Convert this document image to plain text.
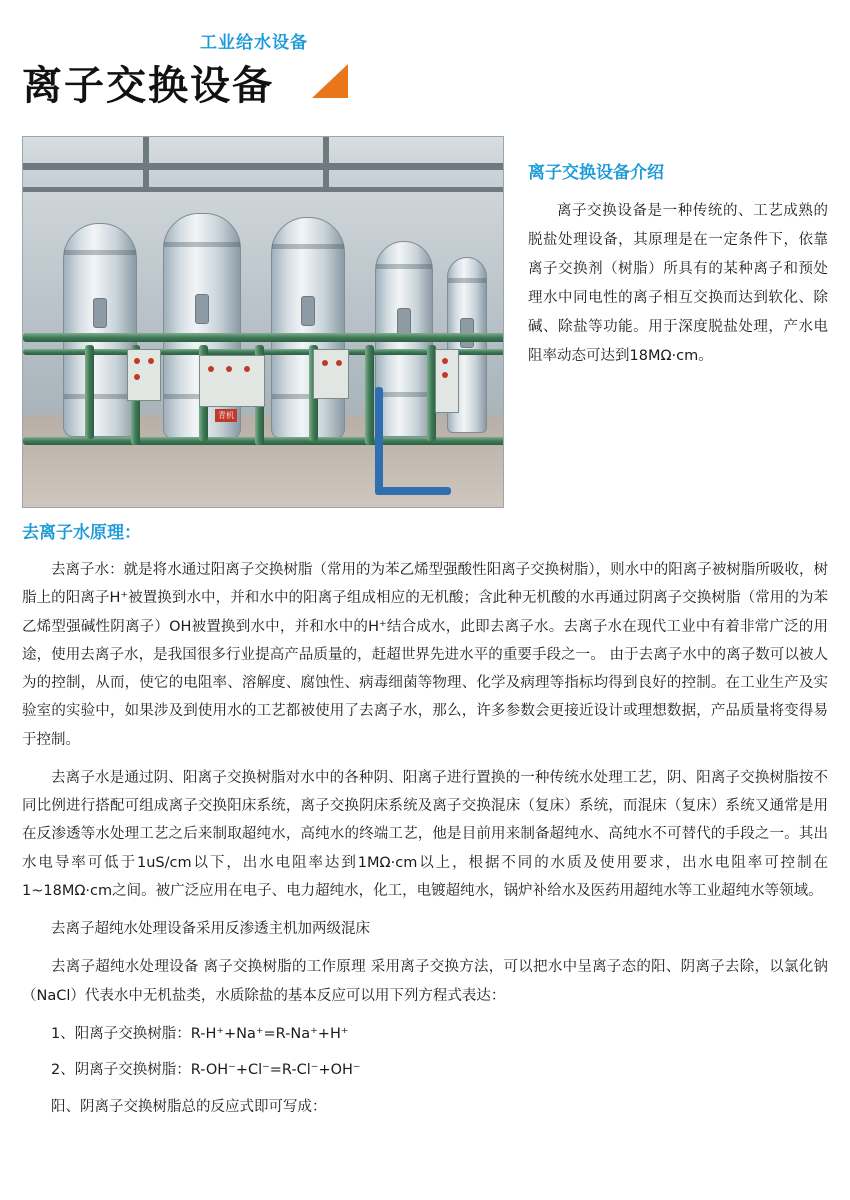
工业给水设备
离子交换设备
青机
离子交换设备介绍
离子交换设备是一种传统的、工艺成熟的脱盐处理设备，其原理是在一定条件下，依靠离子交换剂（树脂）所具有的某种离子和预处理水中同电性的离子相互交换而达到软化、除碱、除盐等功能。用于深度脱盐处理，产水电阻率动态可达到18MΩ·cm。
去离子水原理：

去离子水：就是将水通过阳离子交换树脂（常用的为苯乙烯型强酸性阳离子交换树脂），则水中的阳离子被树脂所吸收，树脂上的阳离子H⁺被置换到水中，并和水中的阳离子组成相应的无机酸；含此种无机酸的水再通过阴离子交换树脂（常用的为苯乙烯型强碱性阴离子）OH被置换到水中，并和水中的H⁺结合成水，此即去离子水。去离子水在现代工业中有着非常广泛的用途，使用去离子水，是我国很多行业提高产品质量的，赶超世界先进水平的重要手段之一。 由于去离子水中的离子数可以被人为的控制，从而，使它的电阻率、溶解度、腐蚀性、病毒细菌等物理、化学及病理等指标均得到良好的控制。在工业生产及实验室的实验中，如果涉及到使用水的工艺都被使用了去离子水，那么，许多参数会更接近设计或理想数据，产品质量将变得易于控制。

去离子水是通过阴、阳离子交换树脂对水中的各种阴、阳离子进行置换的一种传统水处理工艺，阴、阳离子交换树脂按不同比例进行搭配可组成离子交换阳床系统，离子交换阴床系统及离子交换混床（复床）系统，而混床（复床）系统又通常是用在反渗透等水处理工艺之后来制取超纯水，高纯水的终端工艺，他是目前用来制备超纯水、高纯水不可替代的手段之一。其出水电导率可低于1uS/cm以下，出水电阻率达到1MΩ·cm以上，根据不同的水质及使用要求，出水电阻率可控制在1~18MΩ·cm之间。被广泛应用在电子、电力超纯水，化工，电镀超纯水，锅炉补给水及医药用超纯水等工业超纯水等领域。

去离子超纯水处理设备采用反渗透主机加两级混床

去离子超纯水处理设备 离子交换树脂的工作原理 采用离子交换方法，可以把水中呈离子态的阳、阴离子去除，以氯化钠（NaCl）代表水中无机盐类，水质除盐的基本反应可以用下列方程式表达：

1、阳离子交换树脂：R-H⁺+Na⁺=R-Na⁺+H⁺

2、阴离子交换树脂：R-OH⁻+Cl⁻=R-Cl⁻+OH⁻

阳、阴离子交换树脂总的反应式即可写成：
